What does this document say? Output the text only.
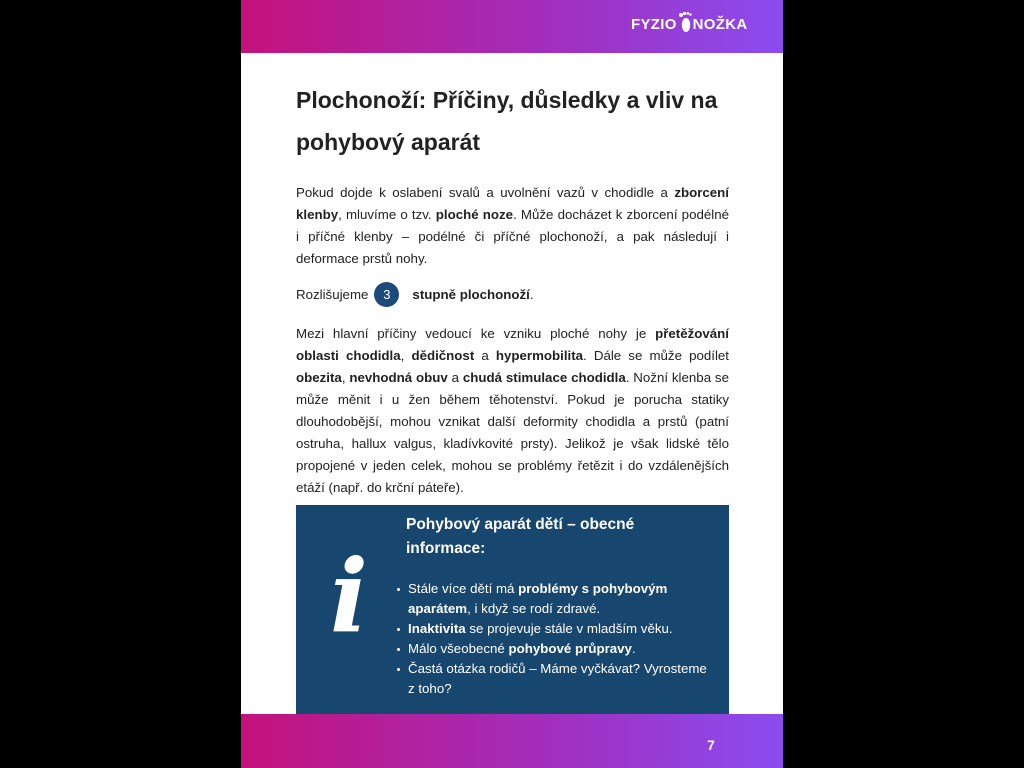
FYZIO NOŽKA
Plochonoží: Příčiny, důsledky a vliv na pohybový aparát

Pokud dojde k oslabení svalů a uvolnění vazů v chodidle a zborcení klenby, mluvíme o tzv. ploché noze. Může docházet k zborcení podélné i příčné klenby – podélné či příčné plochonoží, a pak následují i deformace prstů nohy.

Rozlišujeme	3	stupně plochonoží .

Mezi hlavní příčiny vedoucí ke vzniku ploché nohy je přetěžování oblasti chodidla, dědičnost a hypermobilita. Dále se může podílet obezita, nevhodná obuv a chudá stimulace chodidla. Nožní klenba se může měnit i u žen během těhotenství. Pokud je porucha statiky dlouhodobější, mohou vznikat další deformity chodidla a prstů (patní ostruha, hallux valgus, kladívkovité prsty). Jelikož je však lidské tělo propojené v jeden celek, mohou se problémy řetězit i do vzdálenějších etáží (např. do krční páteře).

i
Pohybový aparát dětí – obecné informace:
Stále více dětí má problémy s pohybovým aparátem, i když se rodí zdravé.
Inaktivita se projevuje stále v mladším věku.
Málo všeobecné pohybové průpravy.
Častá otázka rodičů – Máme vyčkávat? Vyrosteme z toho?
7
